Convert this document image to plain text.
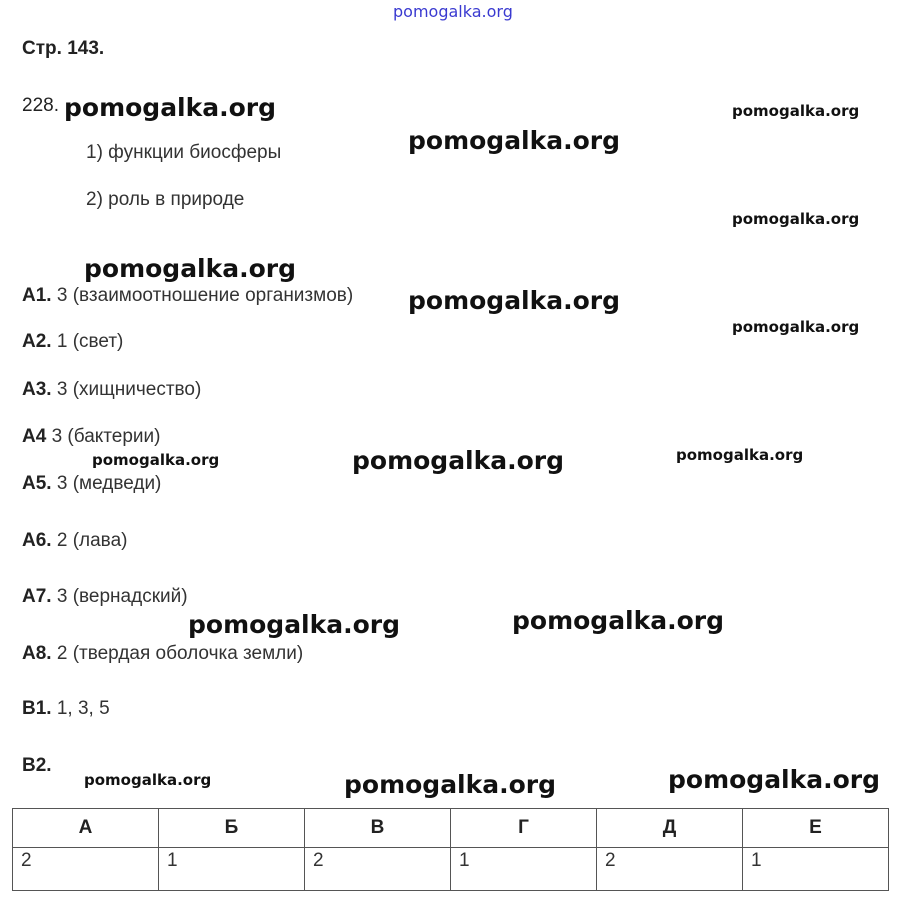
pomogalka.org
Стр. 143.
228.
1) функции биосферы
2) роль в природе
А1. 3 (взаимоотношение организмов)
А2. 1 (свет)
А3. 3 (хищничество)
А4 3 (бактерии)
А5. 3 (медведи)
А6. 2 (лава)
А7. 3 (вернадский)
А8. 2 (твердая оболочка земли)
В1. 1, 3, 5
В2.
pomogalka.org	pomogalka.org
pomogalka.org
pomogalka.org
pomogalka.org
pomogalka.org
pomogalka.org
pomogalka.org	pomogalka.org	pomogalka.org
pomogalka.org	pomogalka.org
pomogalka.org	pomogalka.org	pomogalka.org
А	Б	В	Г	Д	Е
2	1	2	1	2	1
